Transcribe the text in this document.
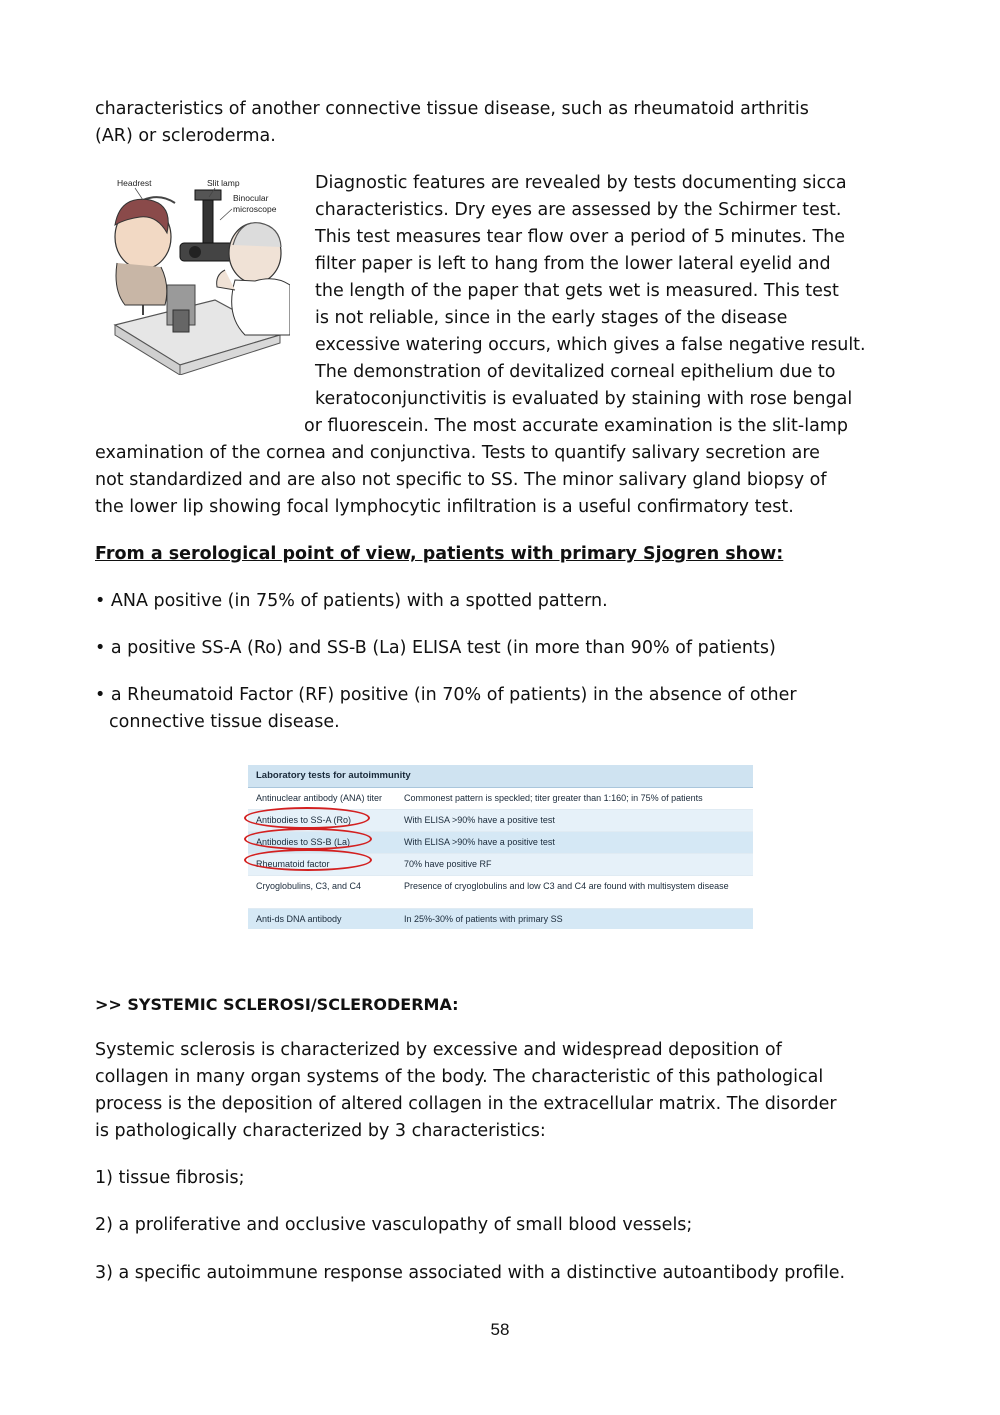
characteristics of another connective tissue disease, such as rheumatoid arthritis
(AR) or scleroderma.
Headrest	Slit lamp
Binocular
microscope
Diagnostic features are revealed by tests documenting sicca
characteristics. Dry eyes are assessed by the Schirmer test.
This test measures tear flow over a period of 5 minutes. The
filter paper is left to hang from the lower lateral eyelid and
the length of the paper that gets wet is measured. This test
is not reliable, since in the early stages of the disease
excessive watering occurs, which gives a false negative result.
The demonstration of devitalized corneal epithelium due to
keratoconjunctivitis is evaluated by staining with rose bengal
or fluorescein. The most accurate examination is the slit-lamp
examination of the cornea and conjunctiva. Tests to quantify salivary secretion are
not standardized and are also not specific to SS. The minor salivary gland biopsy of
the lower lip showing focal lymphocytic infiltration is a useful confirmatory test.
From a serological point of view, patients with primary Sjogren show:
• ANA positive (in 75% of patients) with a spotted pattern.
• a positive SS-A (Ro) and SS-B (La) ELISA test (in more than 90% of patients)
• a Rheumatoid Factor (RF) positive (in 70% of patients) in the absence of other
connective tissue disease.
Laboratory tests for autoimmunity
Antinuclear antibody (ANA) titer	Commonest pattern is speckled; titer greater than 1:160; in 75% of patients
Antibodies to SS-A (Ro)	With ELISA >90% have a positive test
Antibodies to SS-B (La)	With ELISA >90% have a positive test
Rheumatoid factor	70% have positive RF
Cryoglobulins, C3, and C4	Presence of cryoglobulins and low C3 and C4 are found with multisystem disease
Anti-ds DNA antibody	In 25%-30% of patients with primary SS
>> SYSTEMIC SCLEROSI/SCLERODERMA:
Systemic sclerosis is characterized by excessive and widespread deposition of
collagen in many organ systems of the body. The characteristic of this pathological
process is the deposition of altered collagen in the extracellular matrix. The disorder
is pathologically characterized by 3 characteristics:
1) tissue fibrosis;
2) a proliferative and occlusive vasculopathy of small blood vessels;
3) a specific autoimmune response associated with a distinctive autoantibody profile.
58
